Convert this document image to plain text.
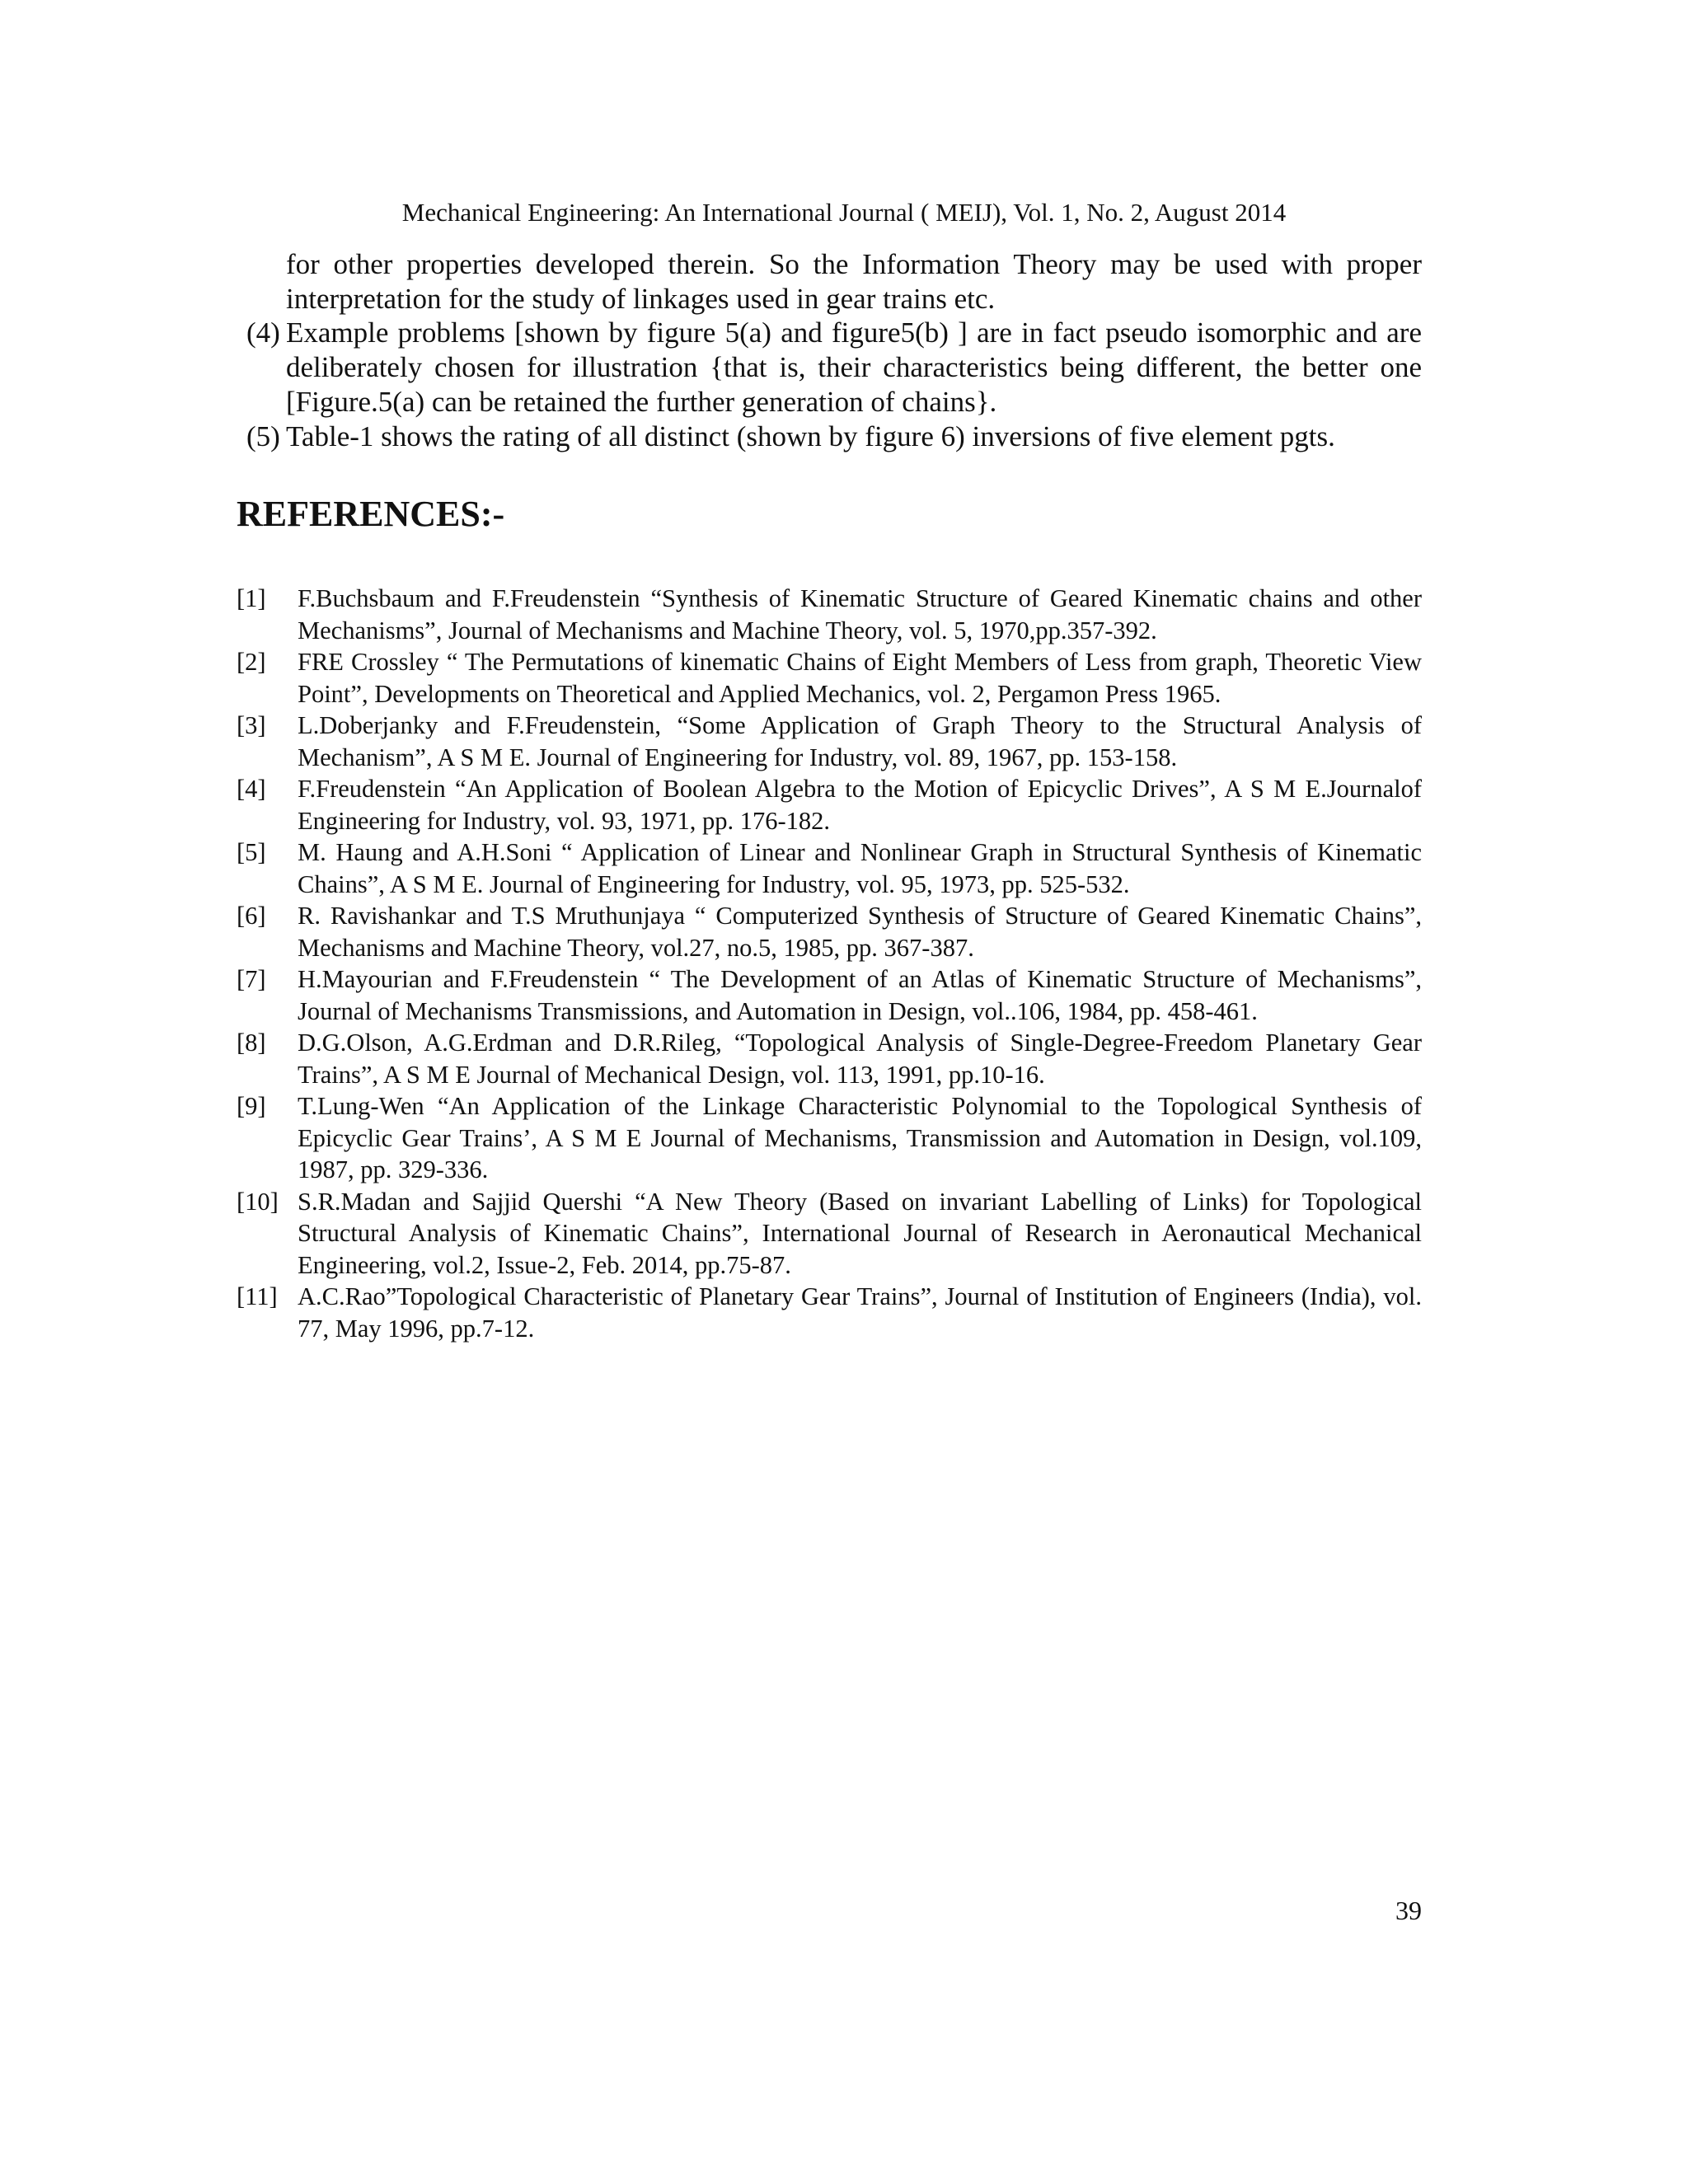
Mechanical Engineering: An International Journal ( MEIJ), Vol. 1, No. 2, August 2014
for other properties developed therein. So the Information Theory may be used with proper interpretation for the study of linkages used in gear trains etc.
(4) Example problems [shown by figure 5(a) and figure5(b) ] are in fact pseudo isomorphic and are deliberately chosen for illustration {that is, their characteristics being different, the better one [Figure.5(a) can be retained the further generation of chains}.
(5) Table-1 shows the rating of all distinct (shown by figure 6) inversions of five element pgts.
REFERENCES:-
[1]	F.Buchsbaum and F.Freudenstein “Synthesis of Kinematic Structure of Geared Kinematic chains and other Mechanisms”, Journal of Mechanisms and Machine Theory, vol. 5, 1970,pp.357-392.
[2]	FRE Crossley “ The Permutations of kinematic Chains of Eight Members of Less from graph, Theoretic View Point”, Developments on Theoretical and Applied Mechanics, vol. 2, Pergamon Press 1965.
[3]	L.Doberjanky and F.Freudenstein, “Some Application of Graph Theory to the Structural Analysis of Mechanism”, A S M E. Journal of Engineering for Industry, vol. 89, 1967, pp. 153-158.
[4]	F.Freudenstein “An Application of Boolean Algebra to the Motion of Epicyclic Drives”, A S M E.Journalof Engineering for Industry, vol. 93, 1971, pp. 176-182.
[5]	M. Haung and A.H.Soni “ Application of Linear and Nonlinear Graph in Structural Synthesis of Kinematic Chains”, A S M E. Journal of Engineering for Industry, vol. 95, 1973, pp. 525-532.
[6]	R. Ravishankar and T.S Mruthunjaya “ Computerized Synthesis of Structure of Geared Kinematic Chains”, Mechanisms and Machine Theory, vol.27, no.5, 1985, pp. 367-387.
[7]	H.Mayourian and F.Freudenstein “ The Development of an Atlas of Kinematic Structure of Mechanisms”, Journal of Mechanisms Transmissions, and Automation in Design, vol..106, 1984, pp. 458-461.
[8]	D.G.Olson, A.G.Erdman and D.R.Rileg, “Topological Analysis of Single-Degree-Freedom Planetary Gear Trains”, A S M E Journal of Mechanical Design, vol. 113, 1991, pp.10-16.
[9]	T.Lung-Wen “An Application of the Linkage Characteristic Polynomial to the Topological Synthesis of Epicyclic Gear Trains’, A S M E Journal of Mechanisms, Transmission and Automation in Design, vol.109, 1987, pp. 329-336.
[10] S.R.Madan and Sajjid Quershi “A New Theory (Based on invariant Labelling of Links) for Topological Structural Analysis of Kinematic Chains”, International Journal of Research in Aeronautical Mechanical Engineering, vol.2, Issue-2, Feb. 2014, pp.75-87.
[11] A.C.Rao”Topological Characteristic of Planetary Gear Trains”, Journal of Institution of Engineers (India), vol. 77, May 1996, pp.7-12.
39
